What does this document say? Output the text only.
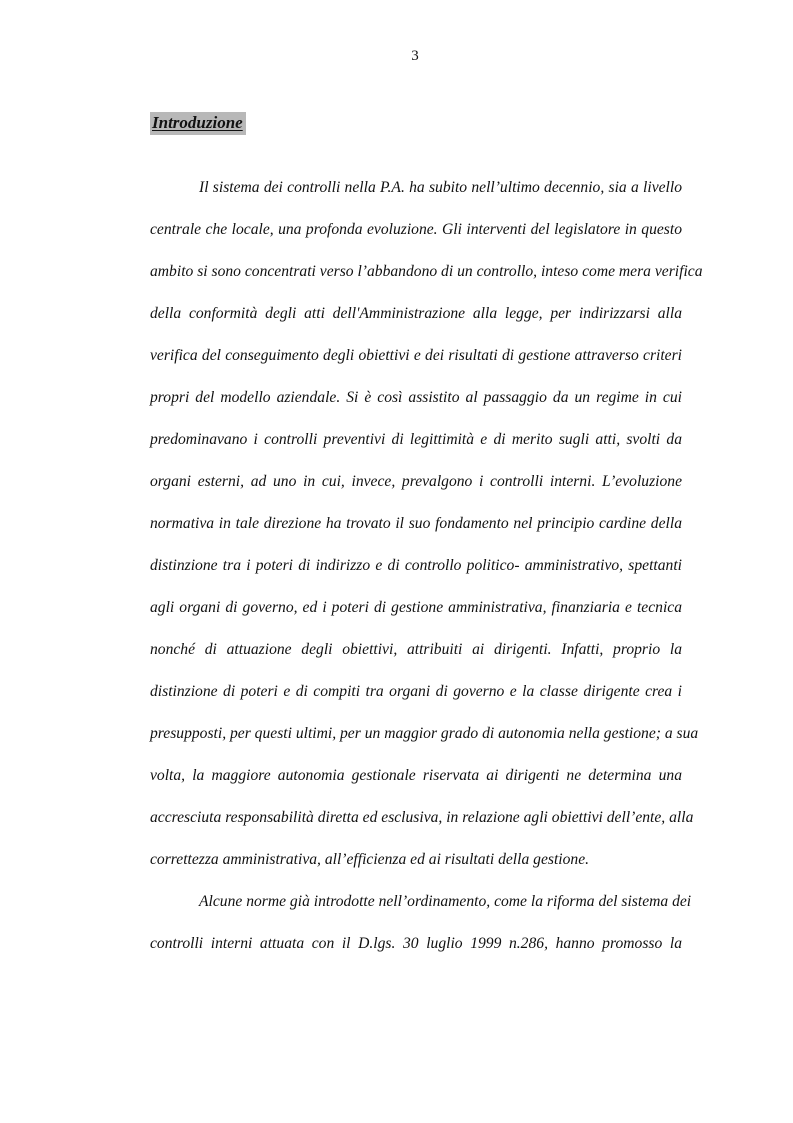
3
Introduzione
Il sistema dei controlli nella P.A. ha subito nell’ultimo decennio, sia a livello
centrale che locale, una profonda evoluzione. Gli interventi del legislatore in questo
ambito si sono concentrati verso l’abbandono di un controllo, inteso come mera verifica
della conformità degli atti dell'Amministrazione alla legge, per indirizzarsi alla
verifica del conseguimento degli obiettivi e dei risultati di gestione attraverso criteri
propri del modello aziendale. Si è così assistito al passaggio da un regime in cui
predominavano i controlli preventivi di legittimità e di merito sugli atti, svolti da
organi esterni, ad uno in cui, invece, prevalgono i controlli interni. L’evoluzione
normativa in tale direzione ha trovato il suo fondamento nel principio cardine della
distinzione tra i poteri di indirizzo e di controllo politico- amministrativo, spettanti
agli organi di governo, ed i poteri di gestione amministrativa, finanziaria e tecnica
nonché di attuazione degli obiettivi, attribuiti ai dirigenti. Infatti, proprio la
distinzione di poteri e di compiti tra organi di governo e la classe dirigente crea i
presupposti, per questi ultimi, per un maggior grado di autonomia nella gestione; a sua
volta, la maggiore autonomia gestionale riservata ai dirigenti ne determina una
accresciuta responsabilità diretta ed esclusiva, in relazione agli obiettivi dell’ente, alla
correttezza amministrativa, all’efficienza ed ai risultati della gestione.
Alcune norme già introdotte nell’ordinamento, come la riforma del sistema dei
controlli interni attuata con il D.lgs. 30 luglio 1999 n.286, hanno promosso la
